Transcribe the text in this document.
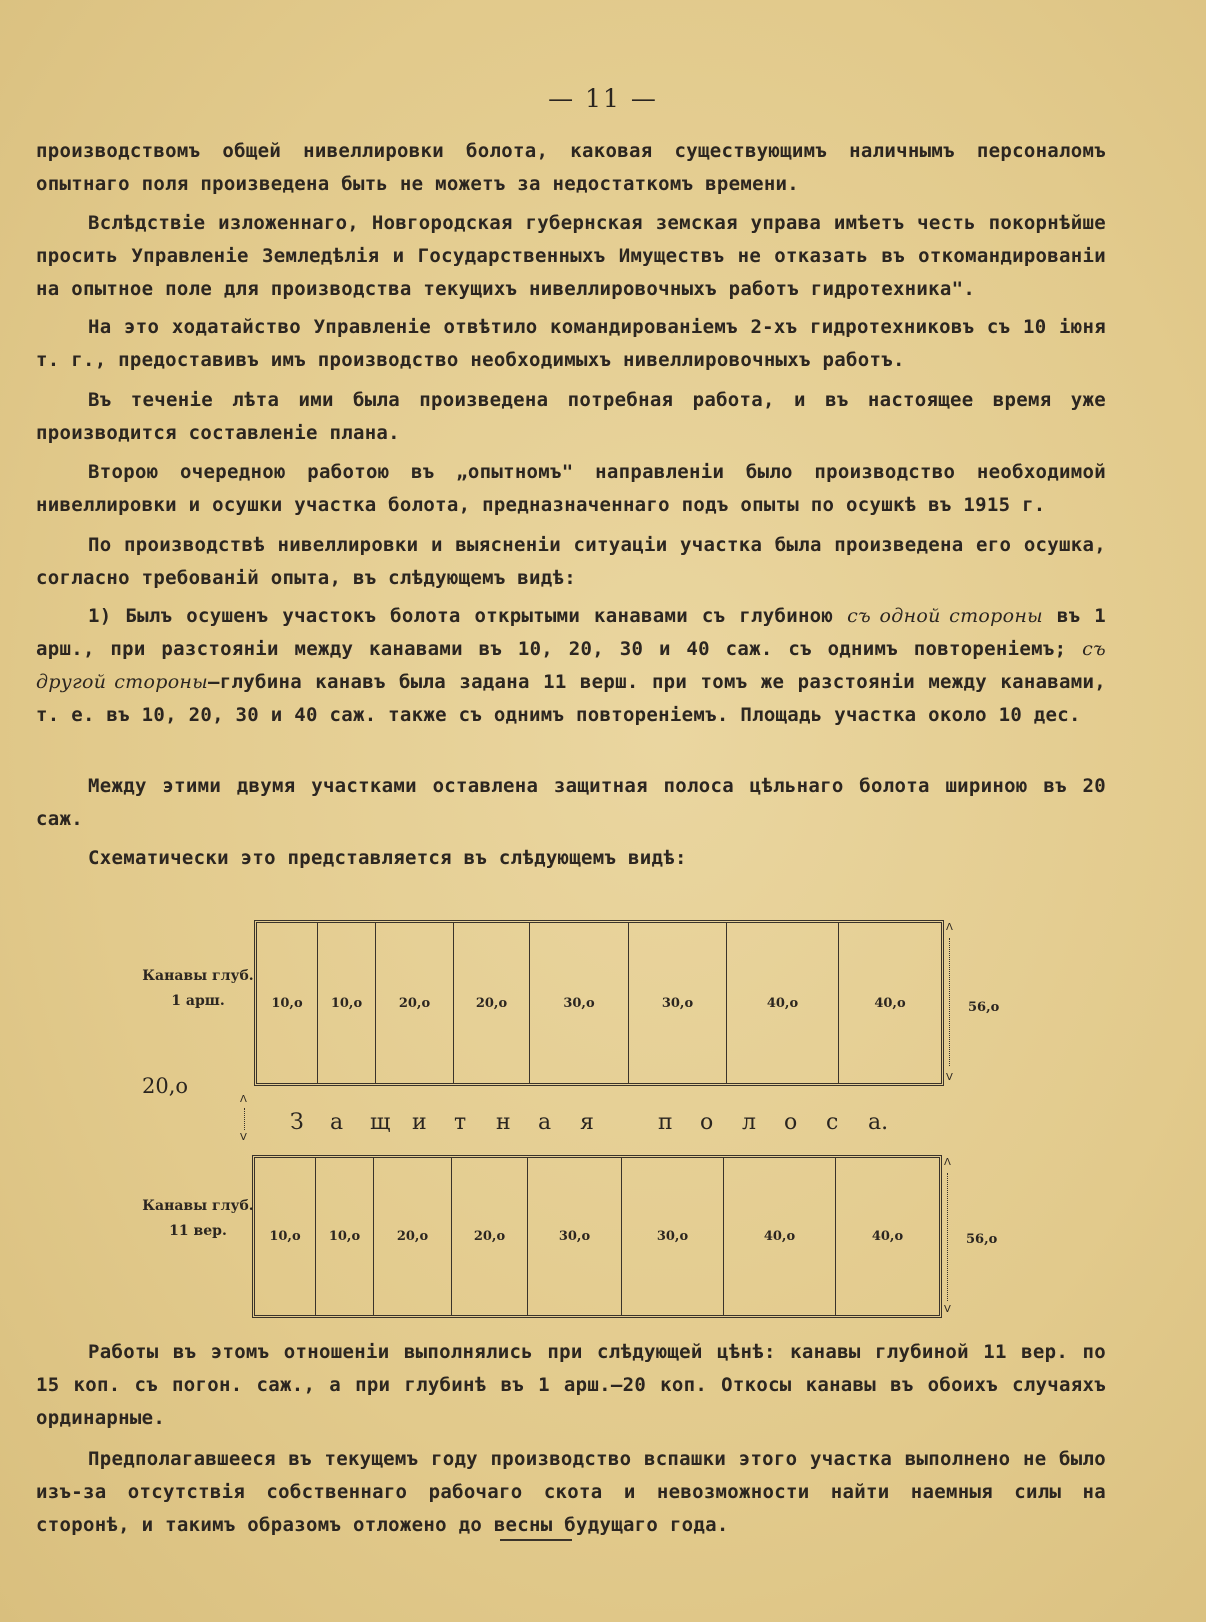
— 11 —
производствомъ общей нивеллировки болота, каковая существующимъ наличнымъ персоналомъ опытнаго поля произведена быть не можетъ за недостаткомъ времени.
Вслѣдствіе изложеннаго, Новгородская губернская земская управа имѣетъ честь покорнѣйше просить Управленіе Земледѣлія и Государственныхъ Имуществъ не отказать въ откомандированіи на опытное поле для производства текущихъ нивеллировочныхъ работъ гидротехника".
На это ходатайство Управленіе отвѣтило командированіемъ 2-хъ гидротехниковъ съ 10 іюня т. г., предоставивъ имъ производство необходимыхъ нивеллировочныхъ работъ.
Въ теченіе лѣта ими была произведена потребная работа, и въ настоящее время уже производится составленіе плана.
Второю очередною работою въ „опытномъ" направленіи было производство необходимой нивеллировки и осушки участка болота, предназначеннаго подъ опыты по осушкѣ въ 1915 г.
По производствѣ нивеллировки и выясненіи ситуаціи участка была произведена его осушка, согласно требованій опыта, въ слѣдующемъ видѣ:
1) Былъ осушенъ участокъ болота открытыми канавами съ глубиною съ одной стороны въ 1 арш., при разстояніи между канавами въ 10, 20, 30 и 40 саж. съ однимъ повтореніемъ; съ другой стороны—глубина канавъ была задана 11 верш. при томъ же разстояніи между канавами, т. е. въ 10, 20, 30 и 40 саж. также съ однимъ повтореніемъ. Площадь участка около 10 дес.
Между этими двумя участками оставлена защитная полоса цѣльнаго болота шириною въ 20 саж.
Схематически это представляется въ слѣдующемъ видѣ:
Канавы глуб.
1 арш.	10,о	10,о	20,о	20,о	30,о	30,о	40,о	40,о
Λ
V
56,о
20,о
Λ
V
З	а	щ и	т	н	а	я	п	о	л	о	с	а.
Канавы глуб.
11 вер.	10,о	10,о	20,о	20,о	30,о	30,о	40,о	40,о
Λ
V
56,о
Работы въ этомъ отношеніи выполнялись при слѣдующей цѣнѣ: канавы глубиной 11 вер. по 15 коп. съ погон. саж., а при глубинѣ въ 1 арш.—20 коп. Откосы канавы въ обоихъ случаяхъ ординарные.
Предполагавшееся въ текущемъ году производство вспашки этого участка выполнено не было изъ-за отсутствія собственнаго рабочаго скота и невозможности найти наемныя силы на сторонѣ, и такимъ образомъ отложено до весны будущаго года.
